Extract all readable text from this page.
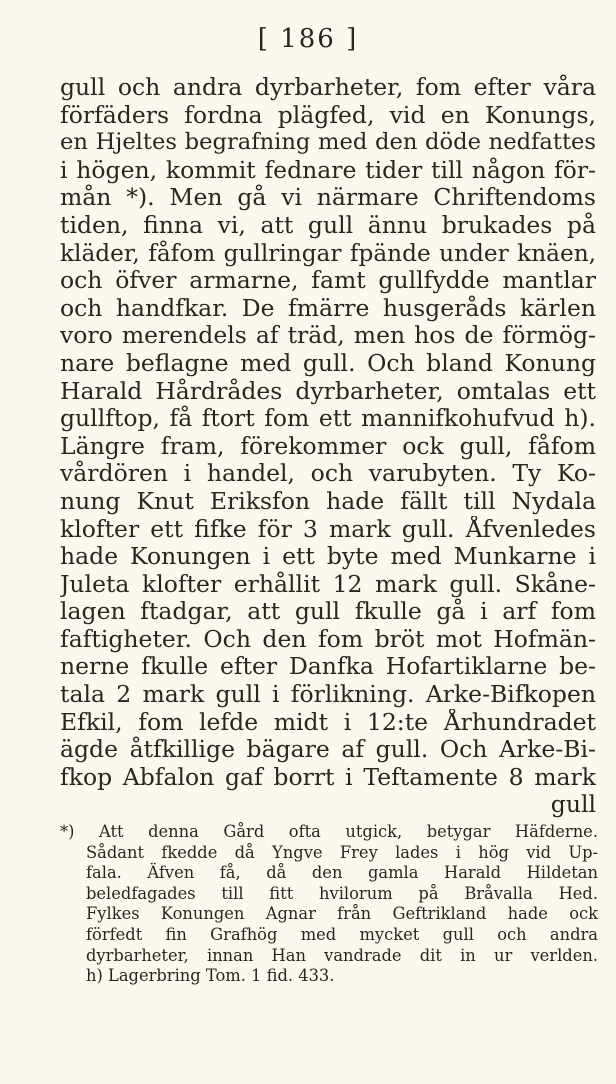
[ 186 ]
gull och andra dyrbarheter, fom efter våra
förfäders fordna plägfed, vid en Konungs,
en Hjeltes begrafning med den döde nedfattes
i högen, kommit fednare tider till någon för-
mån *). Men gå vi närmare Chriftendoms
tiden, finna vi, att gull ännu brukades på
kläder, fåfom gullringar fpände under knäen,
och öfver armarne, famt gullfydde mantlar
och handfkar. De fmärre husgeråds kärlen
voro merendels af träd, men hos de förmög-
nare beflagne med gull. Och bland Konung
Harald Hårdrådes dyrbarheter, omtalas ett
gullftop, få ftort fom ett mannifkohufvud h).
Längre fram, förekommer ock gull, fåfom
vårdören i handel, och varubyten. Ty Ko-
nung Knut Eriksfon hade fällt till Nydala
klofter ett fifke för 3 mark gull. Åfvenledes
hade Konungen i ett byte med Munkarne i
Juleta klofter erhållit 12 mark gull. Skåne-
lagen ftadgar, att gull fkulle gå i arf fom
faftigheter. Och den fom bröt mot Hofmän-
nerne fkulle efter Danfka Hofartiklarne be-
tala 2 mark gull i förlikning. Arke-Bifkopen
Efkil, fom lefde midt i 12:te Århundradet
ägde åtfkillige bägare af gull. Och Arke-Bi-
fkop Abfalon gaf borrt i Teftamente 8 mark
gull
*) Att denna Gård ofta utgick, betygar Häfderne.
Sådant fkedde då Yngve Frey lades i hög vid Up-
fala. Äfven få, då den gamla Harald Hildetan
beledfagades till fitt hvilorum på Bråvalla Hed.
Fylkes Konungen Agnar från Geftrikland hade ock
förfedt fin Grafhög med mycket gull och andra
dyrbarheter, innan Han vandrade dit in ur verlden.
h) Lagerbring Tom. 1 fid. 433.
